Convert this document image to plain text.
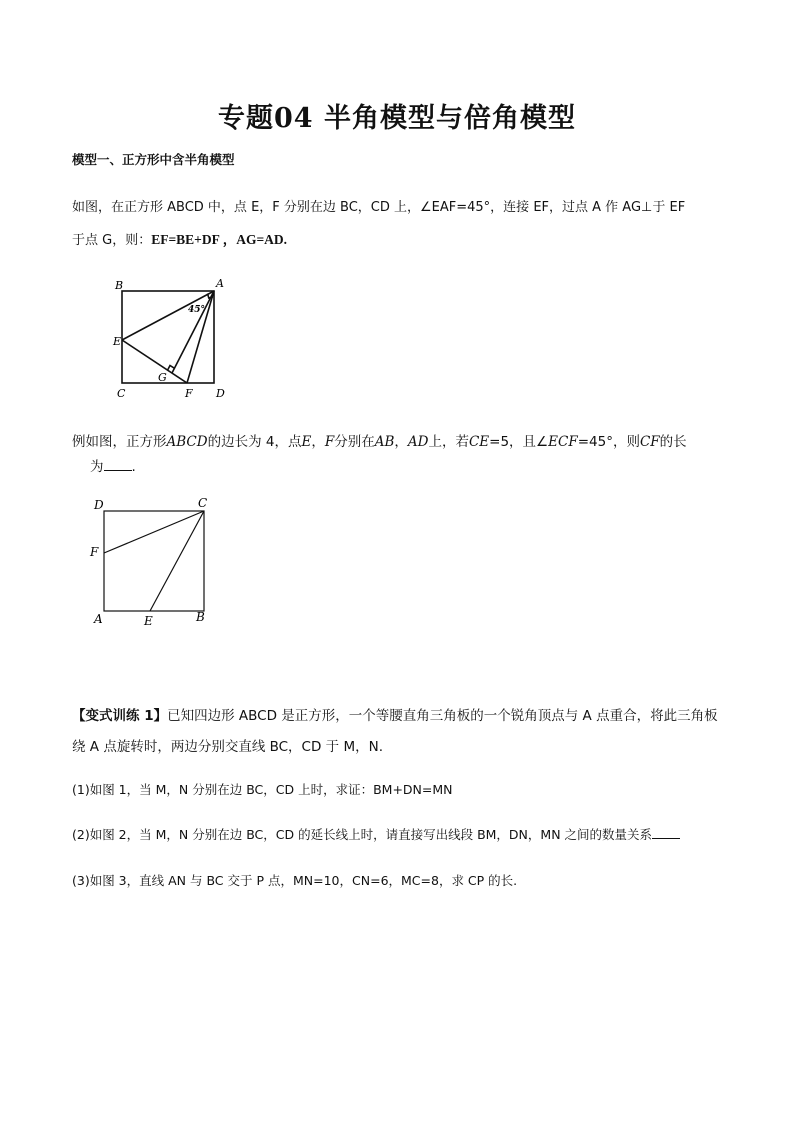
专题04 半角模型与倍角模型
模型一、正方形中含半角模型
如图，在正方形 ABCD 中，点 E，F 分别在边 BC，CD 上，∠EAF=45°，连接 EF，过点 A 作 AG⊥于 EF
于点 G，则：EF=BE+DF ，AG=AD.
B	A
E
C	F D
G
45°
例如图，正方形ABCD的边长为 4，点E，F分别在AB，AD上，若CE=5，且∠ECF=45°，则CF的长
为 .
D	C
F
A	E	B
【变式训练 1】已知四边形 ABCD 是正方形，一个等腰直角三角板的一个锐角顶点与 A 点重合，将此三角板
绕 A 点旋转时，两边分别交直线 BC，CD 于 M，N.
(1)如图 1，当 M，N 分别在边 BC，CD 上时，求证：BM+DN=MN
(2)如图 2，当 M，N 分别在边 BC，CD 的延长线上时，请直接写出线段 BM，DN，MN 之间的数量关系
(3)如图 3，直线 AN 与 BC 交于 P 点，MN=10，CN=6，MC=8，求 CP 的长.
